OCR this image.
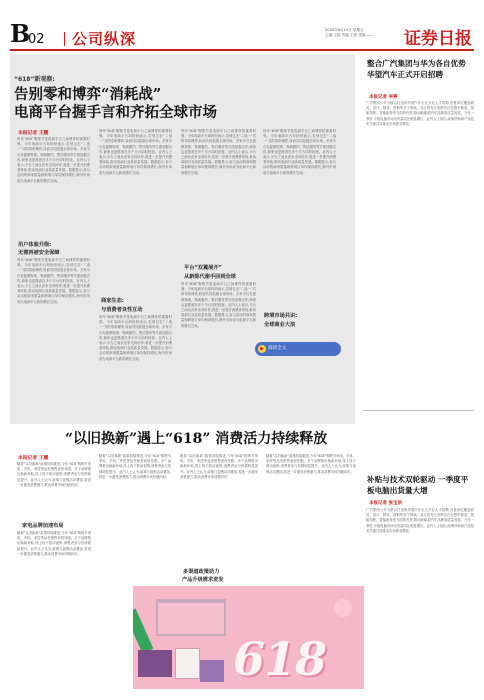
B
02 公司纵深	2020年6月19日 星期五
主编 王晗 责编 王晗 美编 ——	证券日报
“618”新观察:
告别零和博弈“消耗战”
电商平台握手言和齐拓全球市场
本报记者 王鹏
每年“618”购物节是电商平台之间博弈的重要时刻。今年电商平台却纷纷表示,告别过去“二选一”式的零和博弈,转而共同拓展全球市场。多家平台在促销规则、物流履约、售后服务等方面加强合作,商家也更愿意在多个平台同时经营。业内人士表示,平台之间从竞争走向协作,将进一步提升消费者体验,推动电商行业高质量发展。数据显示,参与活动的商家数量和跨境订单均保持增长,海外市场成为电商平台新的增长空间。
用户体验升级:
无需再被安全保障
每年“618”购物节是电商平台之间博弈的重要时刻。今年电商平台却纷纷表示,告别过去“二选一”式的零和博弈,转而共同拓展全球市场。多家平台在促销规则、物流履约、售后服务等方面加强合作,商家也更愿意在多个平台同时经营。业内人士表示,平台之间从竞争走向协作,将进一步提升消费者体验,推动电商行业高质量发展。数据显示,参与活动的商家数量和跨境订单均保持增长,海外市场成为电商平台新的增长空间。
每年“618”购物节是电商平台之间博弈的重要时刻。今年电商平台却纷纷表示,告别过去“二选一”式的零和博弈,转而共同拓展全球市场。多家平台在促销规则、物流履约、售后服务等方面加强合作,商家也更愿意在多个平台同时经营。业内人士表示,平台之间从竞争走向协作,将进一步提升消费者体验,推动电商行业高质量发展。数据显示,参与活动的商家数量和跨境订单均保持增长,海外市场成为电商平台新的增长空间。
商家生态:
与消费者良性互动
每年“618”购物节是电商平台之间博弈的重要时刻。今年电商平台却纷纷表示,告别过去“二选一”式的零和博弈,转而共同拓展全球市场。多家平台在促销规则、物流履约、售后服务等方面加强合作,商家也更愿意在多个平台同时经营。业内人士表示,平台之间从竞争走向协作,将进一步提升消费者体验,推动电商行业高质量发展。数据显示,参与活动的商家数量和跨境订单均保持增长,海外市场成为电商平台新的增长空间。
每年“618”购物节是电商平台之间博弈的重要时刻。今年电商平台却纷纷表示,告别过去“二选一”式的零和博弈,转而共同拓展全球市场。多家平台在促销规则、物流履约、售后服务等方面加强合作,商家也更愿意在多个平台同时经营。业内人士表示,平台之间从竞争走向协作,将进一步提升消费者体验,推动电商行业高质量发展。数据显示,参与活动的商家数量和跨境订单均保持增长,海外市场成为电商平台新的增长空间。
平台“双翼展开”
从新陈代谢手回到全球
每年“618”购物节是电商平台之间博弈的重要时刻。今年电商平台却纷纷表示,告别过去“二选一”式的零和博弈,转而共同拓展全球市场。多家平台在促销规则、物流履约、售后服务等方面加强合作,商家也更愿意在多个平台同时经营。业内人士表示,平台之间从竞争走向协作,将进一步提升消费者体验,推动电商行业高质量发展。数据显示,参与活动的商家数量和跨境订单均保持增长,海外市场成为电商平台新的增长空间。
每年“618”购物节是电商平台之间博弈的重要时刻。今年电商平台却纷纷表示,告别过去“二选一”式的零和博弈,转而共同拓展全球市场。多家平台在促销规则、物流履约、售后服务等方面加强合作,商家也更愿意在多个平台同时经营。业内人士表示,平台之间从竞争走向协作,将进一步提升消费者体验,推动电商行业高质量发展。数据显示,参与活动的商家数量和跨境订单均保持增长,海外市场成为电商平台新的增长空间。
跨境市场共识:
全球商业大浪
▶ 阅读全文
“以旧换新”遇上“618” 消费活力持续释放
本报记者 王鹏
随着“以旧换新”政策持续推进,今年“618”购物节家电、手机、家居等品类销售表现亮眼。多个品牌推出换新补贴,线上线下联动促销,消费者参与热情明显提升。业内人士认为,政策与促销活动叠加,将进一步激发消费潜力,推动消费市场回暖向好。
家电品牌加速布局
随着“以旧换新”政策持续推进,今年“618”购物节家电、手机、家居等品类销售表现亮眼。多个品牌推出换新补贴,线上线下联动促销,消费者参与热情明显提升。业内人士认为,政策与促销活动叠加,将进一步激发消费潜力,推动消费市场回暖向好。
随着“以旧换新”政策持续推进,今年“618”购物节家电、手机、家居等品类销售表现亮眼。多个品牌推出换新补贴,线上线下联动促销,消费者参与热情明显提升。业内人士认为,政策与促销活动叠加,将进一步激发消费潜力,推动消费市场回暖向好。
随着“以旧换新”政策持续推进,今年“618”购物节家电、手机、家居等品类销售表现亮眼。多个品牌推出换新补贴,线上线下联动促销,消费者参与热情明显提升。业内人士认为,政策与促销活动叠加,将进一步激发消费潜力,推动消费市场回暖向好。
多渠道政策助力
随着“以旧换新”政策持续推进,今年“618”购物节家电、手机、家居等品类销售表现亮眼。多个品牌推出换新补贴,线上线下联动促销,消费者参与热情明显提升。业内人士认为,政策与促销活动叠加,将进一步激发消费潜力,推动消费市场回暖向好。
产品升级需求迸发
618
整合广汽集团与华为各自优势 华望汽车正式开启招聘
本报记者 李婷
广汽集团与华为联合打造的华望汽车正式开启人才招聘,首批岗位覆盖研发、设计、制造、营销等多个领域。双方将充分发挥各自在整车制造、智能驾驶、智能座舱等方面的优势,推动新能源汽车品牌高质量发展。今年一季度,平板电脑市场出货量同比明显增长。业内人士指出,政策补贴和产品技术升级共同推动市场需求释放。
补贴与技术双轮驱动 一季度平板电脑出货量大增
本报记者 张宝泉
广汽集团与华为联合打造的华望汽车正式开启人才招聘,首批岗位覆盖研发、设计、制造、营销等多个领域。双方将充分发挥各自在整车制造、智能驾驶、智能座舱等方面的优势,推动新能源汽车品牌高质量发展。今年一季度,平板电脑市场出货量同比明显增长。业内人士指出,政策补贴和产品技术升级共同推动市场需求释放。
